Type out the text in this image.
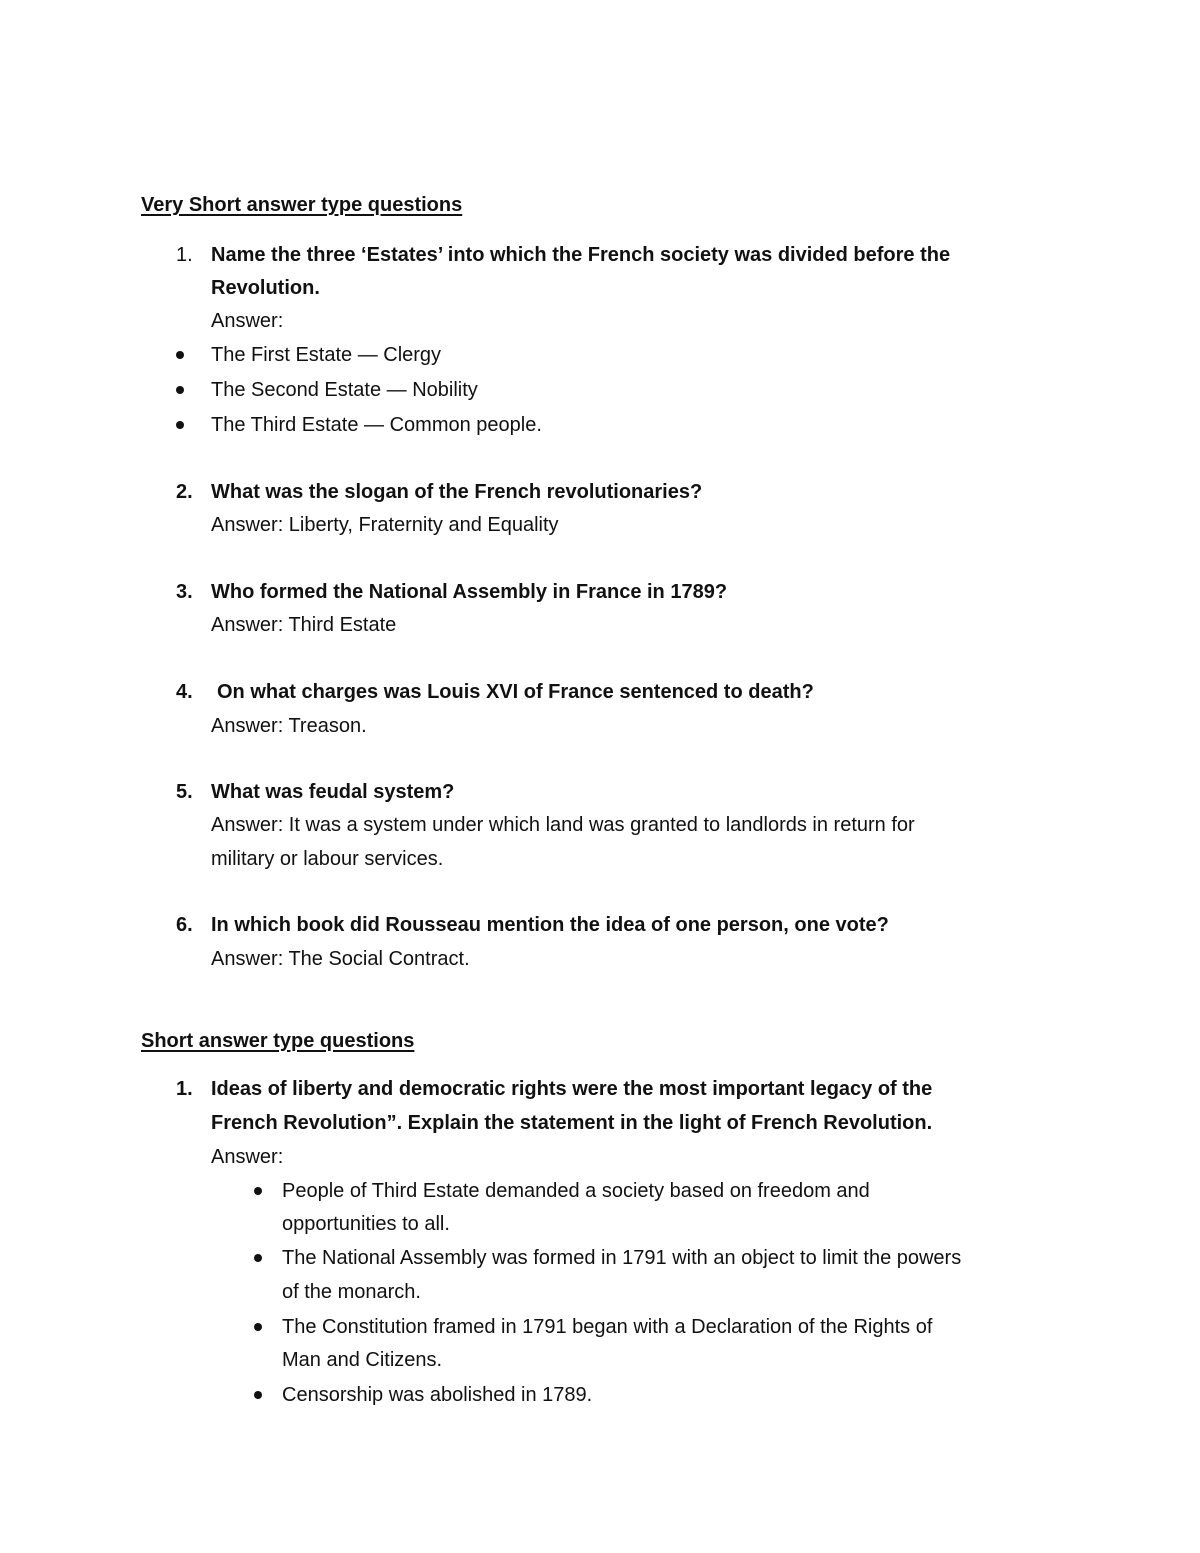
Very Short answer type questions
1. Name the three ‘Estates’ into which the French society was divided before the
Revolution.
Answer:
The First Estate — Clergy
The Second Estate — Nobility
The Third Estate — Common people.
2. What was the slogan of the French revolutionaries?
Answer: Liberty, Fraternity and Equality
3. Who formed the National Assembly in France in 1789?
Answer: Third Estate
4. On what charges was Louis XVI of France sentenced to death?
Answer: Treason.
5. What was feudal system?
Answer: It was a system under which land was granted to landlords in return for
military or labour services.
6. In which book did Rousseau mention the idea of one person, one vote?
Answer: The Social Contract.
Short answer type questions
1. Ideas of liberty and democratic rights were the most important legacy of the
French Revolution”. Explain the statement in the light of French Revolution.
Answer:
People of Third Estate demanded a society based on freedom and
opportunities to all.
The National Assembly was formed in 1791 with an object to limit the powers
of the monarch.
The Constitution framed in 1791 began with a Declaration of the Rights of
Man and Citizens.
Censorship was abolished in 1789.
